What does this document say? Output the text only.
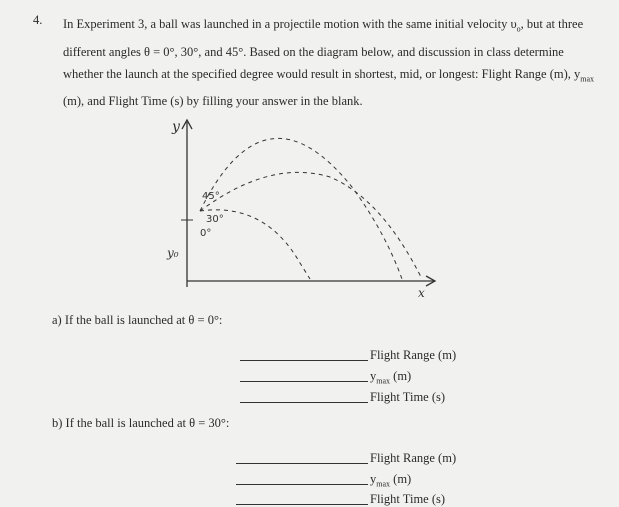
4. In Experiment 3, a ball was launched in a projectile motion with the same initial velocity $\upsilon_o$, but at three different angles θ = 0°, 30°, and 45°. Based on the diagram below, and discussion in class determine whether the launch at the specified degree would result in shortest, mid, or longest: Flight Range (m), $y_{max}$ (m), and Flight Time (s) by filling your answer in the blank.
y
x
y₀
45°
30°
0°
a) If the ball is launched at θ = 0°:
Flight Range (m)
$y_{max}$ (m)
Flight Time (s)
b) If the ball is launched at θ = 30°:
Flight Range (m)
$y_{max}$ (m)
Flight Time (s)
